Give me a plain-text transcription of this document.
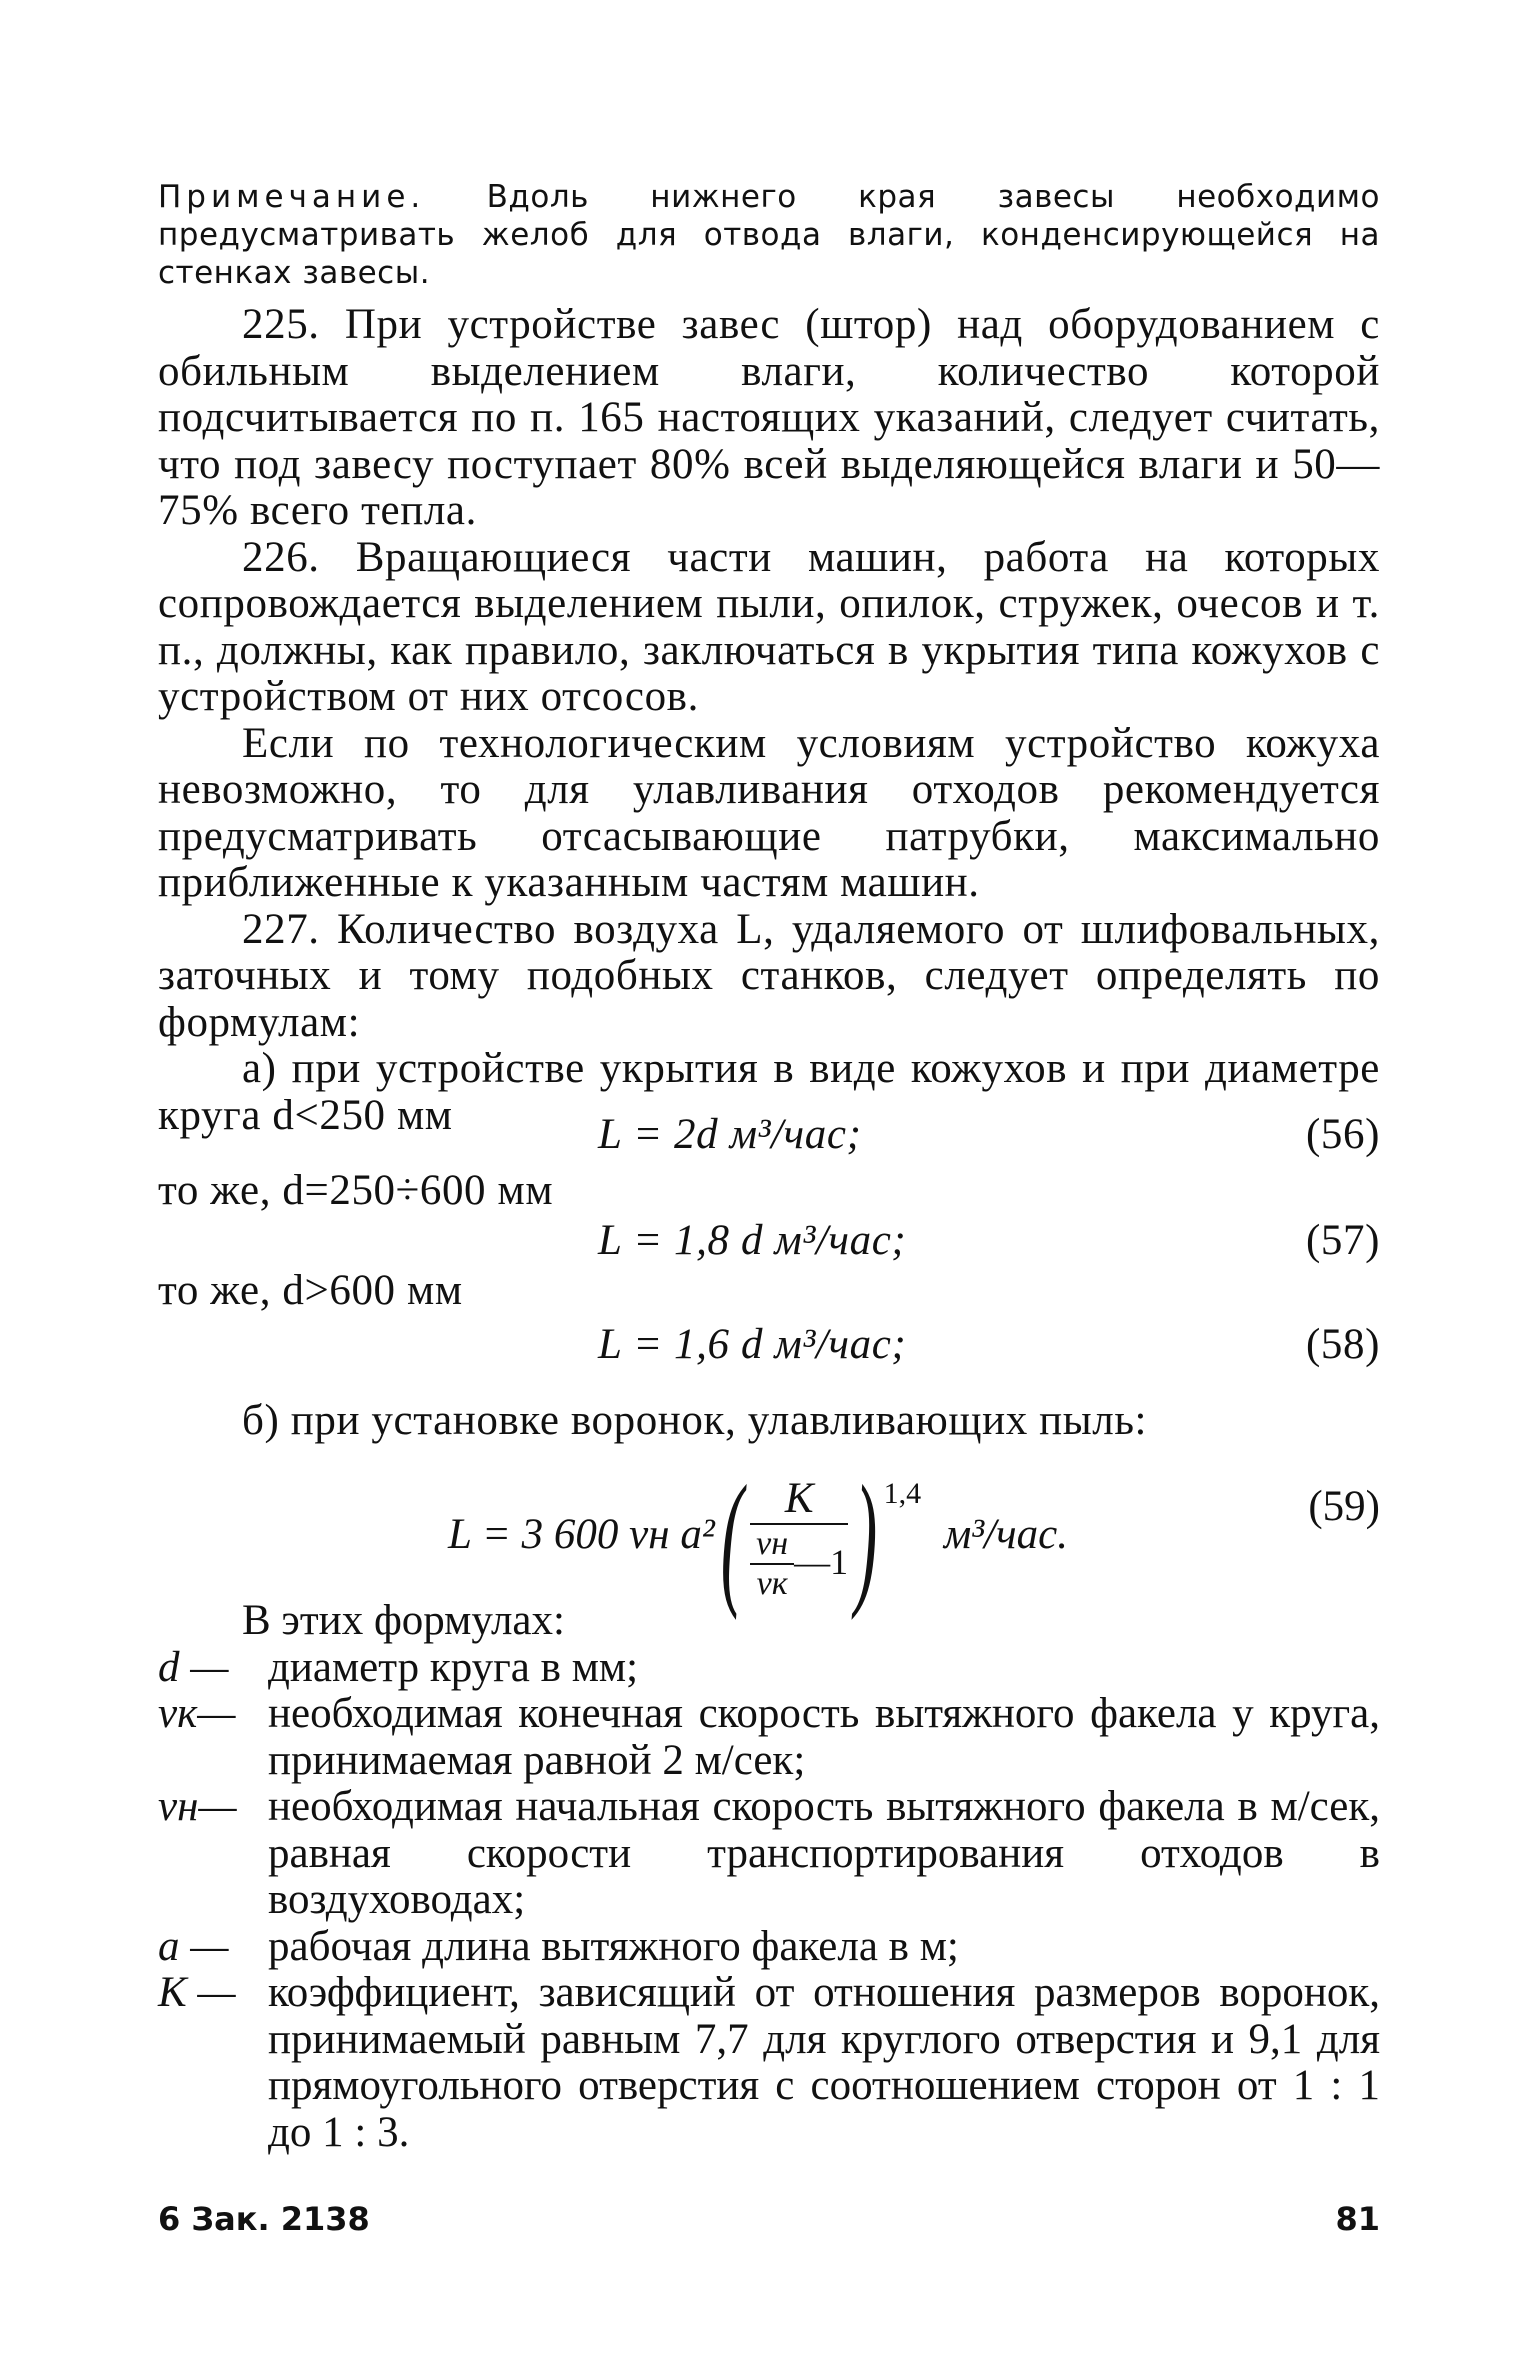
Примечание. Вдоль нижнего края завесы необходимо предусматривать желоб для отвода влаги, конденсирующейся на стенках завесы.

225. При устройстве завес (штор) над оборудованием с обильным выделением влаги, количество которой подсчитывается по п. 165 настоящих указаний, следует считать, что под завесу поступает 80% всей выделяющейся влаги и 50—75% всего тепла.

226. Вращающиеся части машин, работа на которых сопровождается выделением пыли, опилок, стружек, очесов и т. п., должны, как правило, заключаться в укрытия типа кожухов с устройством от них отсосов.

Если по технологическим условиям устройство кожуха невозможно, то для улавливания отходов рекомендуется предусматривать отсасывающие патрубки, максимально приближенные к указанным частям машин.

227. Количество воздуха L, удаляемого от шлифовальных, заточных и тому подобных станков, следует определять по формулам:

а) при устройстве укрытия в виде кожухов и при диаметре круга d<250 мм	L = 2d м³/час;	(56)
то же, d=250÷600 мм
L = 1,8 d м³/час;	(57)
то же, d>600 мм
L = 1,6 d м³/час;	(58)
б) при установке воронок, улавливающих пыль:
L = 3 600 vн a² ( $\frac{K}{\frac{vн}{vк} —1}$ ) $^{1,4}$ м³/час.
(59)

В этих формулах:

d — диаметр круга в мм;
vк— необходимая конечная скорость вытяжного факела у круга, принимаемая равной 2 м/сек;
vн— необходимая начальная скорость вытяжного факела в м/сек, равная скорости транспортирования отходов в воздуховодах;
a — рабочая длина вытяжного факела в м;
K — коэффициент, зависящий от отношения размеров воронок, принимаемый равным 7,7 для круглого отверстия и 9,1 для прямоугольного отверстия с соотношением сторон от 1 : 1 до 1 : 3.
6 Зак. 2138	81
